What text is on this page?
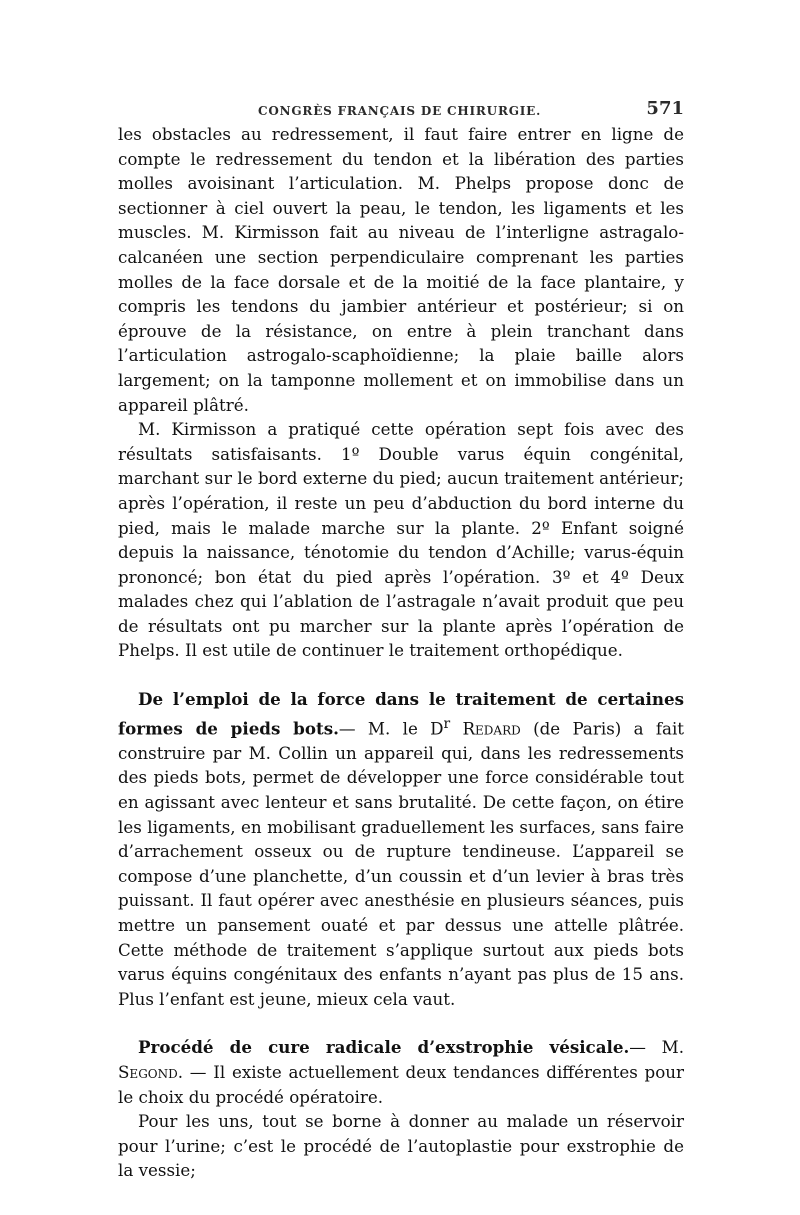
CONGRÈS FRANÇAIS DE CHIRURGIE.	571

les obstacles au redressement, il faut faire entrer en ligne de compte le redressement du tendon et la libération des parties molles avoisinant l’articulation. M. Phelps propose donc de sectionner à ciel ouvert la peau, le tendon, les ligaments et les muscles. M. Kirmisson fait au niveau de l’interligne astragalo-calcanéen une section perpendiculaire comprenant les parties molles de la face dorsale et de la moitié de la face plantaire, y compris les tendons du jambier antérieur et postérieur; si on éprouve de la résistance, on entre à plein tranchant dans l’articulation astrogalo-scaphoïdienne; la plaie baille alors largement; on la tamponne mollement et on immobilise dans un appareil plâtré.

M. Kirmisson a pratiqué cette opération sept fois avec des résultats satisfaisants. 1º Double varus équin congénital, marchant sur le bord externe du pied; aucun traitement antérieur; après l’opération, il reste un peu d’abduction du bord interne du pied, mais le malade marche sur la plante. 2º Enfant soigné depuis la naissance, ténotomie du tendon d’Achille; varus-équin prononcé; bon état du pied après l’opération. 3º et 4º Deux malades chez qui l’ablation de l’astragale n’avait produit que peu de résultats ont pu marcher sur la plante après l’opération de Phelps. Il est utile de continuer le traitement orthopédique.

De l’emploi de la force dans le traitement de certaines formes de pieds bots.— M. le $D^r$ Redard (de Paris) a fait construire par M. Collin un appareil qui, dans les redressements des pieds bots, permet de développer une force considérable tout en agissant avec lenteur et sans brutalité. De cette façon, on étire les ligaments, en mobilisant graduellement les surfaces, sans faire d’arrachement osseux ou de rupture tendineuse. L’appareil se compose d’une planchette, d’un coussin et d’un levier à bras très puissant. Il faut opérer avec anesthésie en plusieurs séances, puis mettre un pansement ouaté et par dessus une attelle plâtrée. Cette méthode de traitement s’applique surtout aux pieds bots varus équins congénitaux des enfants n’ayant pas plus de 15 ans. Plus l’enfant est jeune, mieux cela vaut.

Procédé de cure radicale d’exstrophie vésicale.— M. Segond. — Il existe actuellement deux tendances différentes pour le choix du procédé opératoire.

Pour les uns, tout se borne à donner au malade un réservoir pour l’urine; c’est le procédé de l’autoplastie pour exstrophie de la vessie;
